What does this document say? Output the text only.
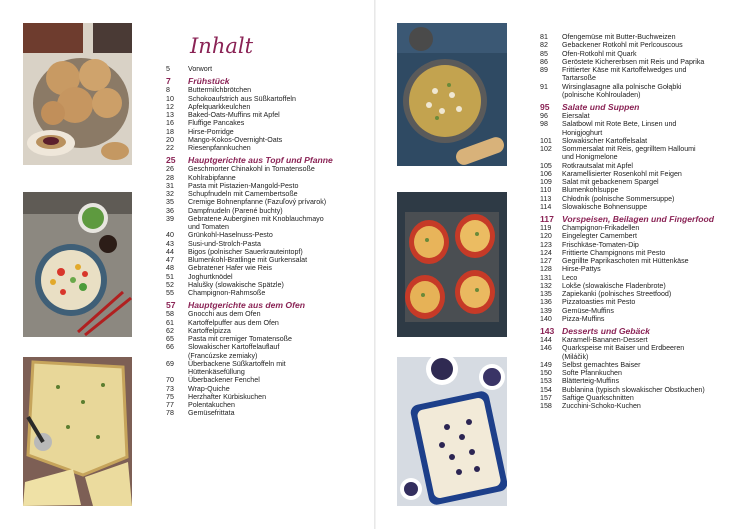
Inhalt
5	Vorwort
7	Frühstück
8	Buttermilchbrötchen
10	Schokoaufstrich aus Süßkartoffeln
12	Apfelquarkkeulchen
13	Baked-Oats-Muffins mit Apfel
16	Fluffige Pancakes
18	Hirse-Porridge
20	Mango-Kokos-Overnight-Oats
22	Riesenpfannkuchen
25	Hauptgerichte aus Topf und Pfanne
26	Geschmorter Chinakohl in Tomatensoße
28	Kohlrabipfanne
31	Pasta mit Pistazien-Mangold-Pesto
32	Schupfnudeln mit Camembertsoße
35	Cremige Bohnenpfanne (Fazuľový prívarok)
36	Dampfnudeln (Parené buchty)
39	Gebratene Auberginen mit Knoblauchmayo
und Tomaten
40	Grünkohl-Haselnuss-Pesto
43	Susi-und-Strolch-Pasta
44	Bigos (polnischer Sauerkrauteintopf)
47	Blumenkohl-Bratlinge mit Gurkensalat
48	Gebratener Hafer wie Reis
51	Joghurtknödel
52	Halušky (slowakische Spätzle)
55	Champignon-Rahmsoße
57	Hauptgerichte aus dem Ofen
58	Gnocchi aus dem Ofen
61	Kartoffelpuffer aus dem Ofen
62	Kartoffelpizza
65	Pasta mit cremiger Tomatensoße
66	Slowakischer Kartoffelauflauf
(Francúzske zemiaky)
69	Überbackene Süßkartoffeln mit
Hüttenkäsefüllung
70	Überbackener Fenchel
73	Wrap-Quiche
75	Herzhafter Kürbiskuchen
77	Polentakuchen
78	Gemüsefrittata
81	Ofengemüse mit Butter-Buchweizen
82	Gebackener Rotkohl mit Perlcouscous
85	Ofen-Rotkohl mit Quark
86	Geröstete Kichererbsen mit Reis und Paprika
89	Frittierter Käse mit Kartoffelwedges und
Tartarsoße
91	Wirsinglasagne alla polnische Gołąbki
(polnische Kohlrouladen)
95	Salate und Suppen
96	Eiersalat
98	Salatbowl mit Rote Bete, Linsen und
Honigjoghurt
101	Slowakischer Kartoffelsalat
102	Sommersalat mit Reis, gegrilltem Halloumi
und Honigmelone
105	Rotkrautsalat mit Apfel
106	Karamellisierter Rosenkohl mit Feigen
109	Salat mit gebackenem Spargel
110	Blumenkohlsuppe
113	Chłodnik (polnische Sommersuppe)
114	Slowakische Bohnensuppe
117 Vorspeisen, Beilagen und Fingerfood
119	Champignon-Frikadellen
120	Eingelegter Camembert
123	Frischkäse-Tomaten-Dip
124	Frittierte Champignons mit Pesto
127	Gegrillte Paprikaschoten mit Hüttenkäse
128	Hirse-Pattys
131	Leco
132	Lokše (slowakische Fladenbrote)
135	Zapiekanki (polnisches Streetfood)
136	Pizzatoasties mit Pesto
139	Gemüse-Muffins
140	Pizza-Muffins
143 Desserts und Gebäck
144	Karamell-Bananen-Dessert
146	Quarkspeise mit Baiser und Erdbeeren
(Miláčik)
149	Selbst gemachtes Baiser
150	Softe Pfannkuchen
153	Blätterteig-Muffins
154	Bublanina (typisch slowakischer Obstkuchen)
157	Saftige Quarkschnitten
158	Zucchini-Schoko-Kuchen
